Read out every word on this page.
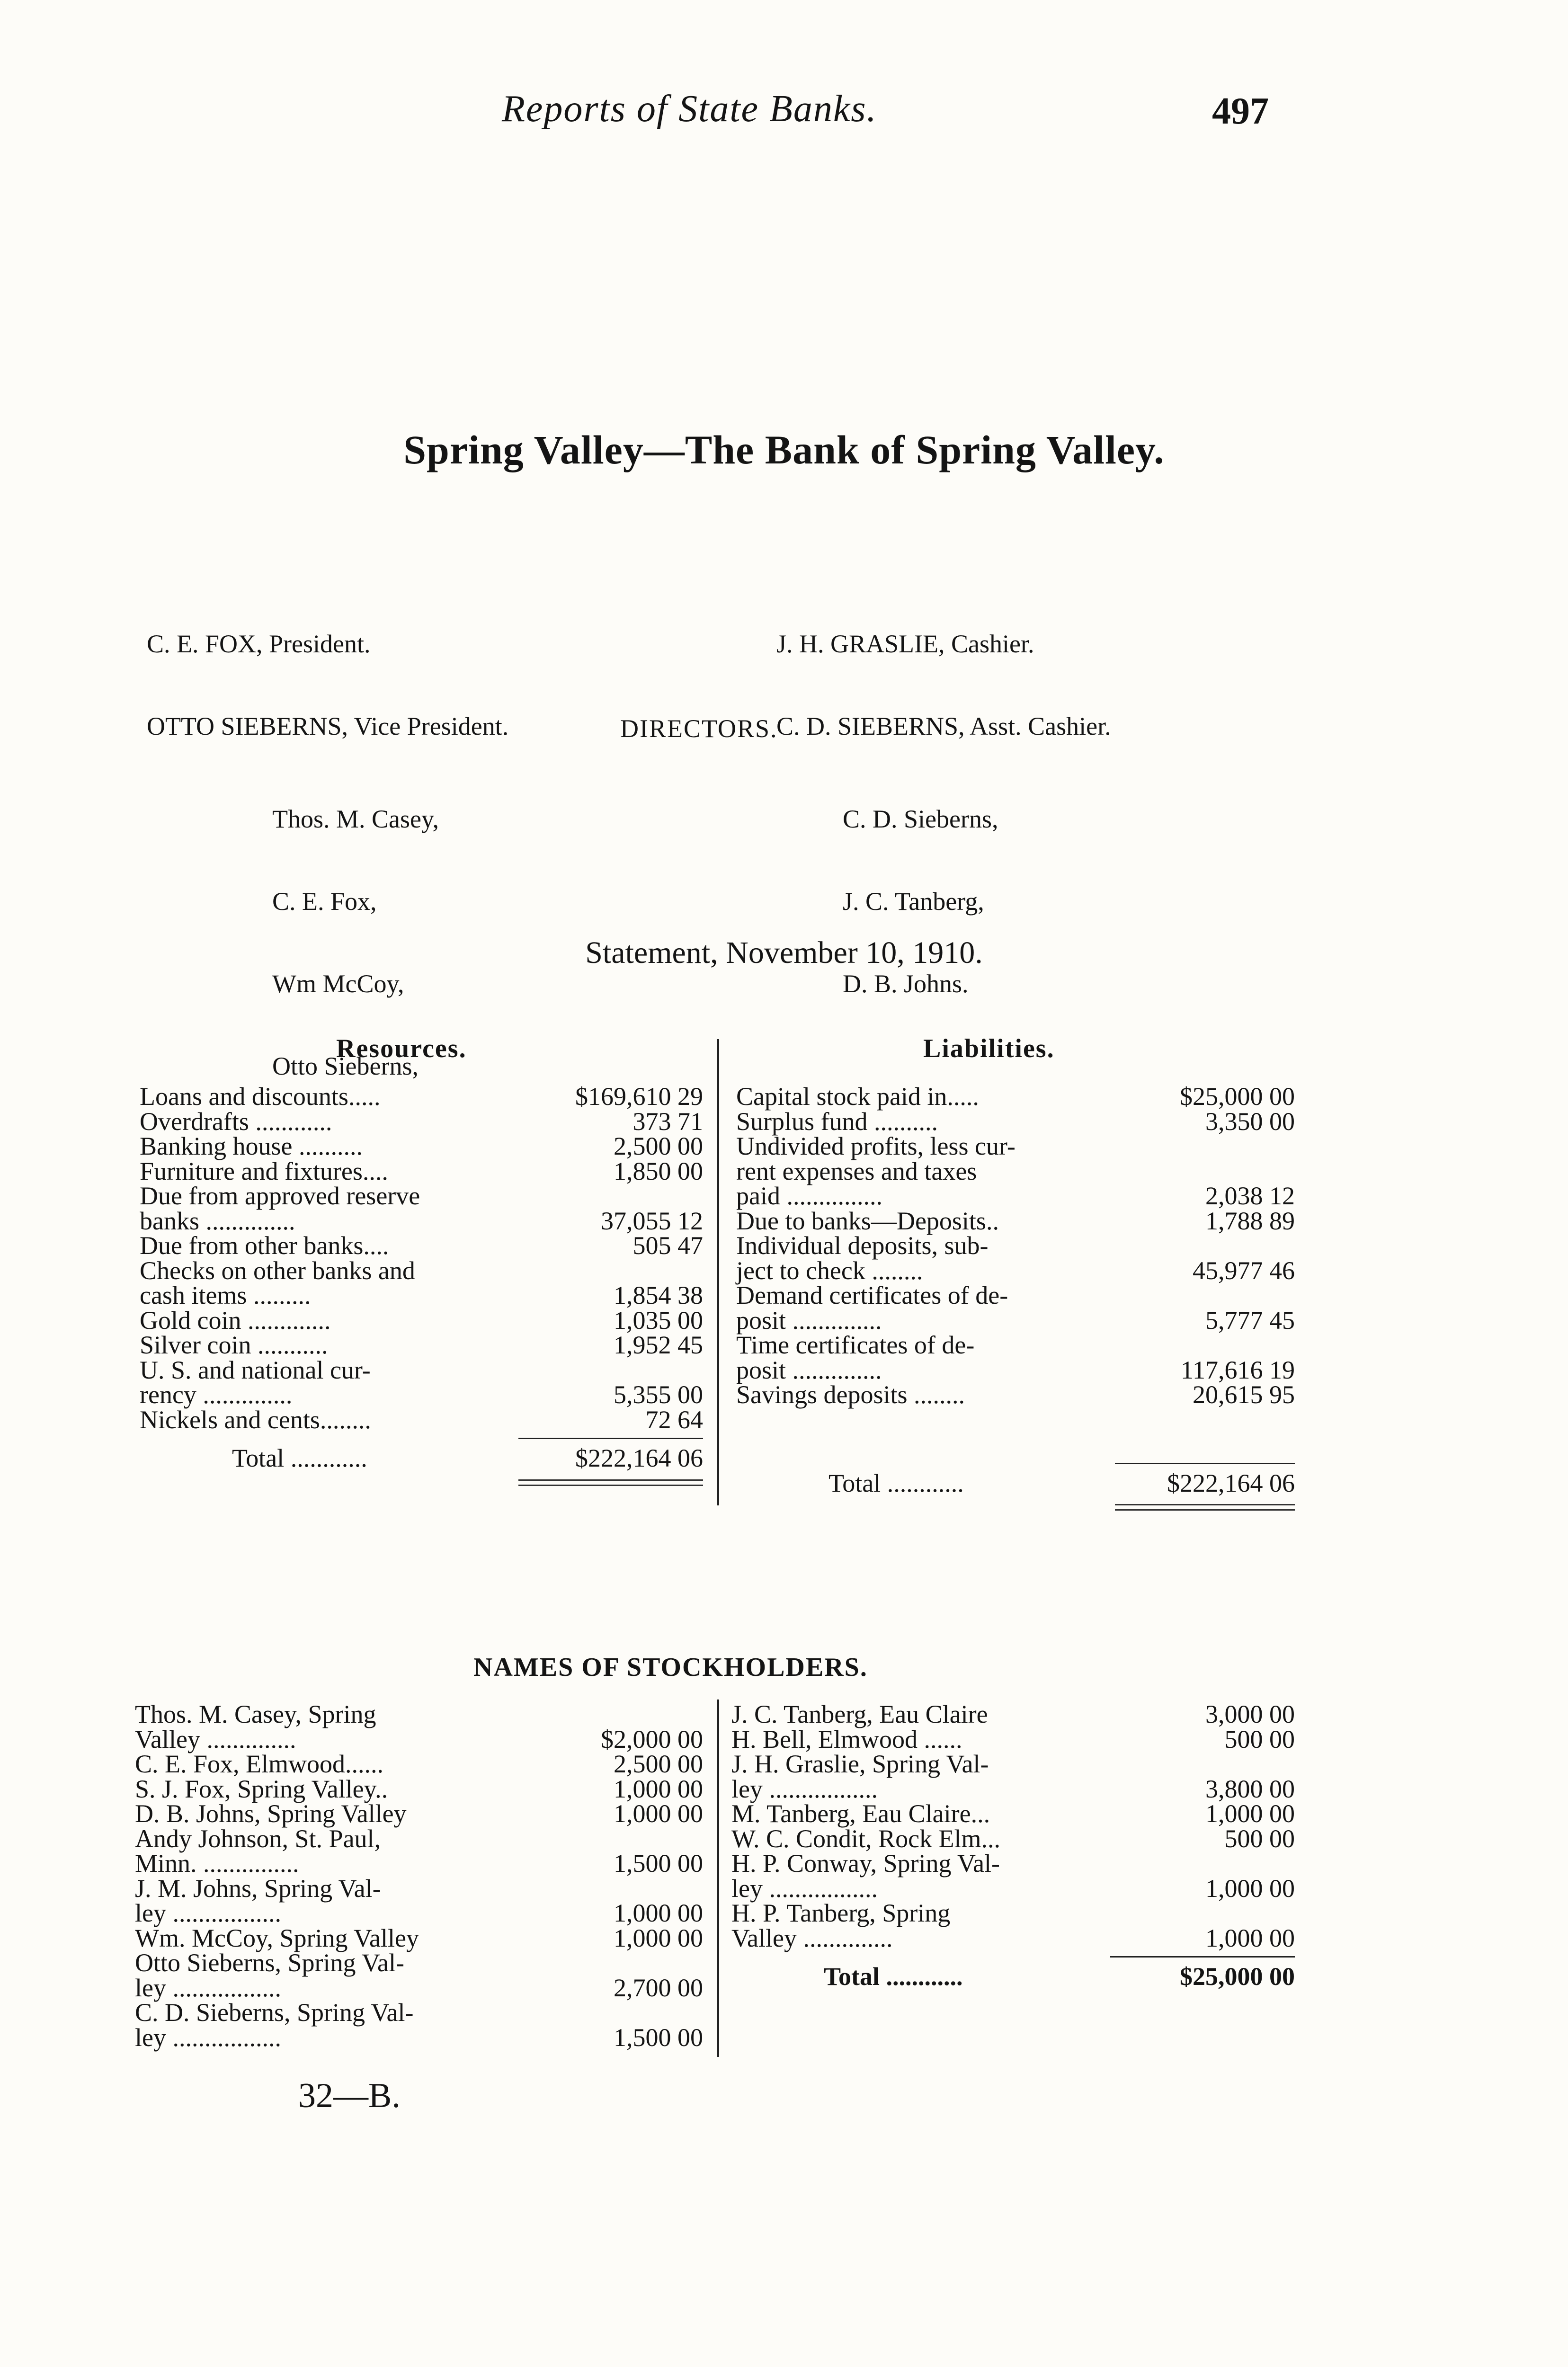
Reports of State Banks.	497
Spring Valley—The Bank of Spring Valley.

C. E. FOX, President.

OTTO SIEBERNS, Vice President.

J. H. GRASLIE, Cashier.

C. D. SIEBERNS, Asst. Cashier.

DIRECTORS.

Thos. M. Casey,

C. E. Fox,

Wm McCoy,

Otto Sieberns,

C. D. Sieberns,

J. C. Tanberg,

D. B. Johns.

Statement, November 10, 1910.
Resources.
Loans and discounts.....	$169,610 29
Overdrafts ............	373 71
Banking house ..........	2,500 00
Furniture and fixtures....	1,850 00
Due from approved reserve
banks ..............	37,055 12
Due from other banks....	505 47
Checks on other banks and
cash items .........	1,854 38
Gold coin .............	1,035 00
Silver coin ...........	1,952 45
U. S. and national cur-
rency ..............	5,355 00
Nickels and cents........	72 64
Total ............	$222,164 06
Liabilities.
Capital stock paid in.....	$25,000 00
Surplus fund ..........	3,350 00
Undivided profits, less cur-
rent expenses and taxes
paid ...............	2,038 12
Due to banks—Deposits..	1,788 89
Individual deposits, sub-
ject to check ........	45,977 46
Demand certificates of de-
posit ..............	5,777 45
Time certificates of de-
posit ..............	117,616 19
Savings deposits ........	20,615 95
Total ............	$222,164 06
NAMES OF STOCKHOLDERS.
Thos. M. Casey, Spring
Valley ..............	$2,000 00
C. E. Fox, Elmwood......	2,500 00
S. J. Fox, Spring Valley..	1,000 00
D. B. Johns, Spring Valley	1,000 00
Andy Johnson, St. Paul,
Minn. ...............	1,500 00
J. M. Johns, Spring Val-
ley .................	1,000 00
Wm. McCoy, Spring Valley	1,000 00
Otto Sieberns, Spring Val-
ley .................	2,700 00
C. D. Sieberns, Spring Val-
ley .................	1,500 00
J. C. Tanberg, Eau Claire	3,000 00
H. Bell, Elmwood ......	500 00
J. H. Graslie, Spring Val-
ley .................	3,800 00
M. Tanberg, Eau Claire...	1,000 00
W. C. Condit, Rock Elm...	500 00
H. P. Conway, Spring Val-
ley .................	1,000 00
H. P. Tanberg, Spring
Valley ..............	1,000 00
Total ............	$25,000 00
32—B.
